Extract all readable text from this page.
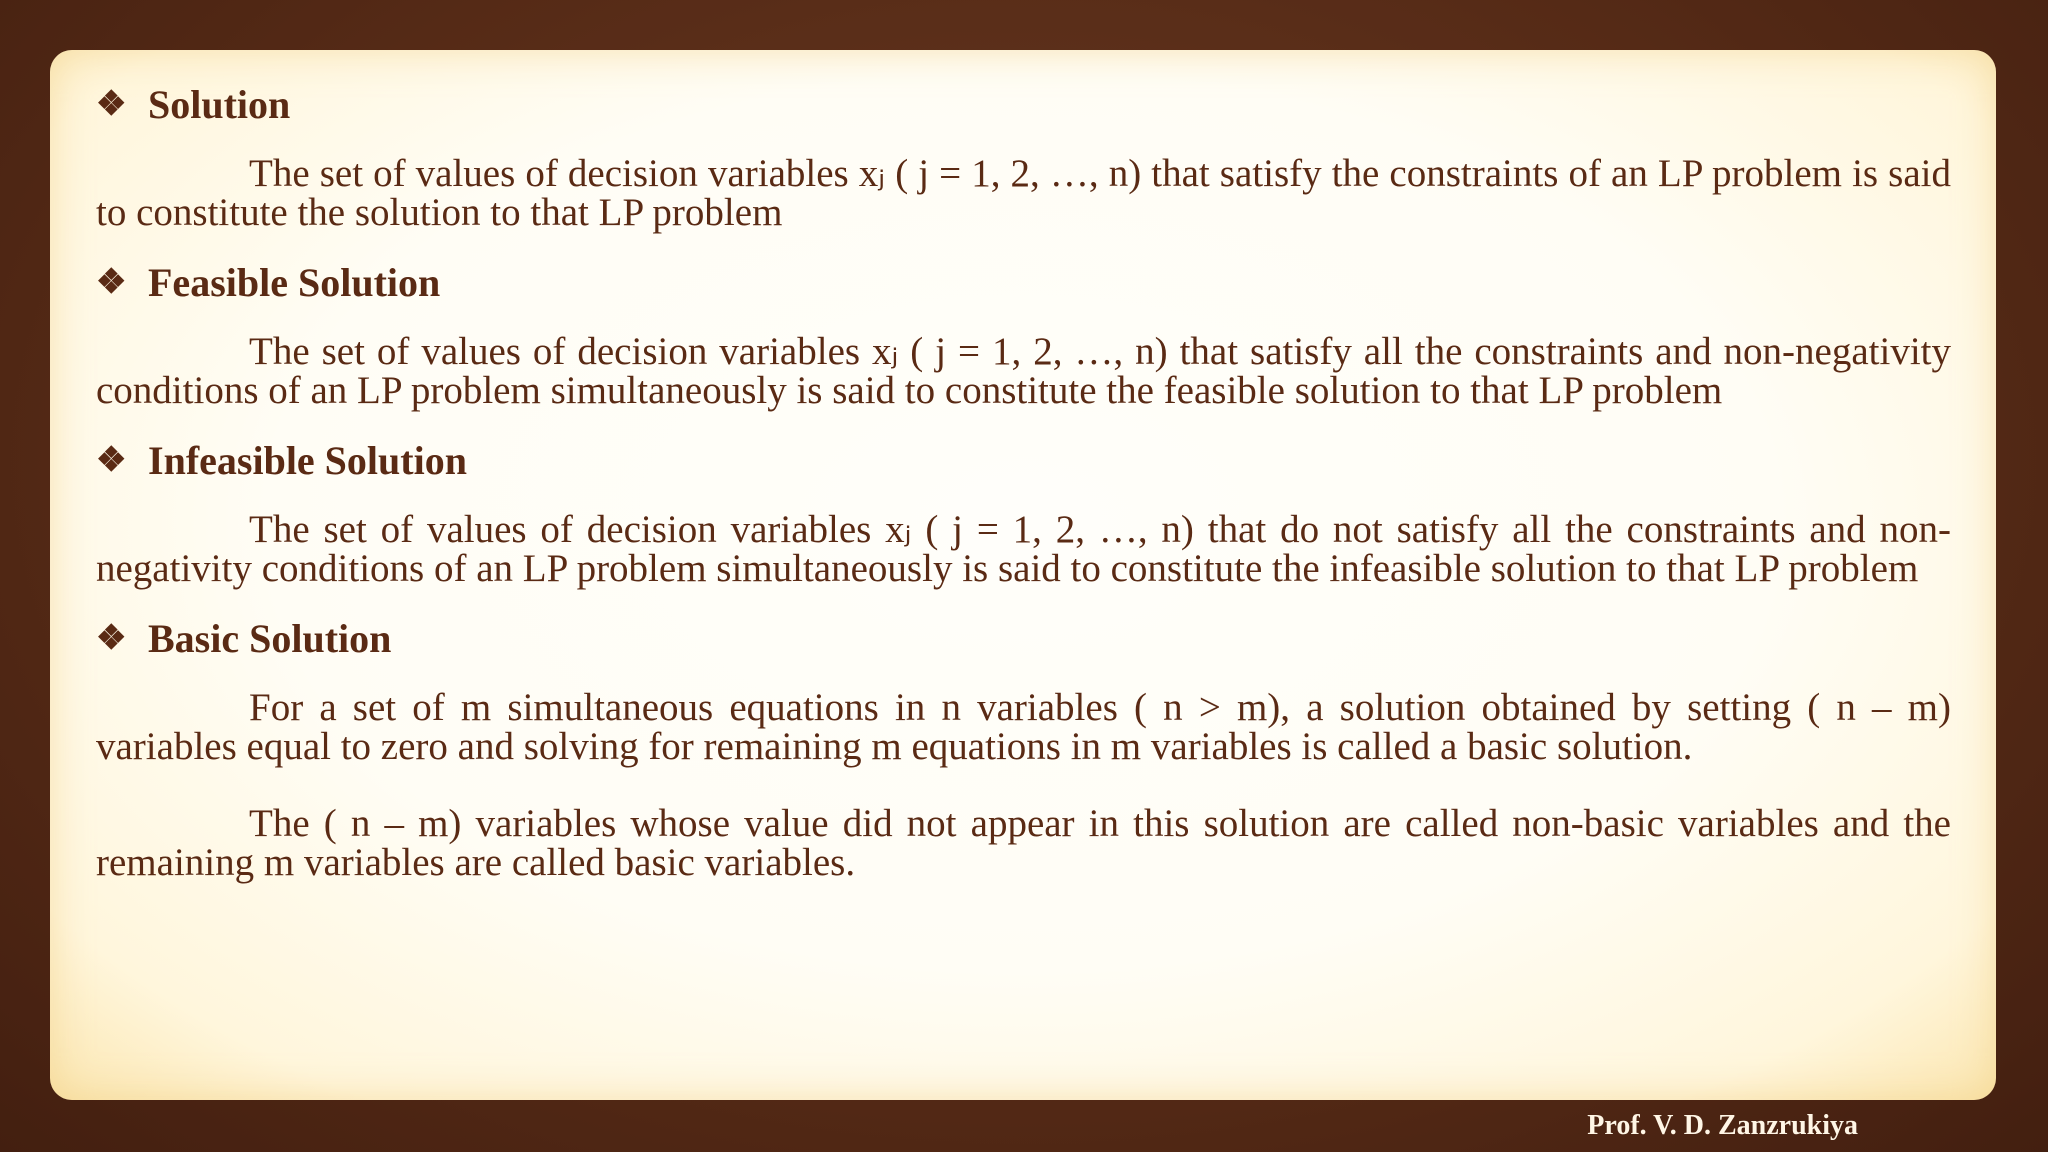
❖ Solution

The set of values of decision variables xⱼ ( j = 1, 2, …, n) that satisfy the constraints of an LP problem is said to constitute the solution to that LP problem

❖ Feasible Solution

The set of values of decision variables xⱼ ( j = 1, 2, …, n) that satisfy all the constraints and non-negativity conditions of an LP problem simultaneously is said to constitute the feasible solution to that LP problem

❖ Infeasible Solution

The set of values of decision variables xⱼ ( j = 1, 2, …, n) that do not satisfy all the constraints and non-negativity conditions of an LP problem simultaneously is said to constitute the infeasible solution to that LP problem

❖ Basic Solution

For a set of m simultaneous equations in n variables ( n > m), a solution obtained by setting ( n – m) variables equal to zero and solving for remaining m equations in m variables is called a basic solution.

The ( n – m) variables whose value did not appear in this solution are called non-basic variables and the remaining m variables are called basic variables.

Prof. V. D. Zanzrukiya
